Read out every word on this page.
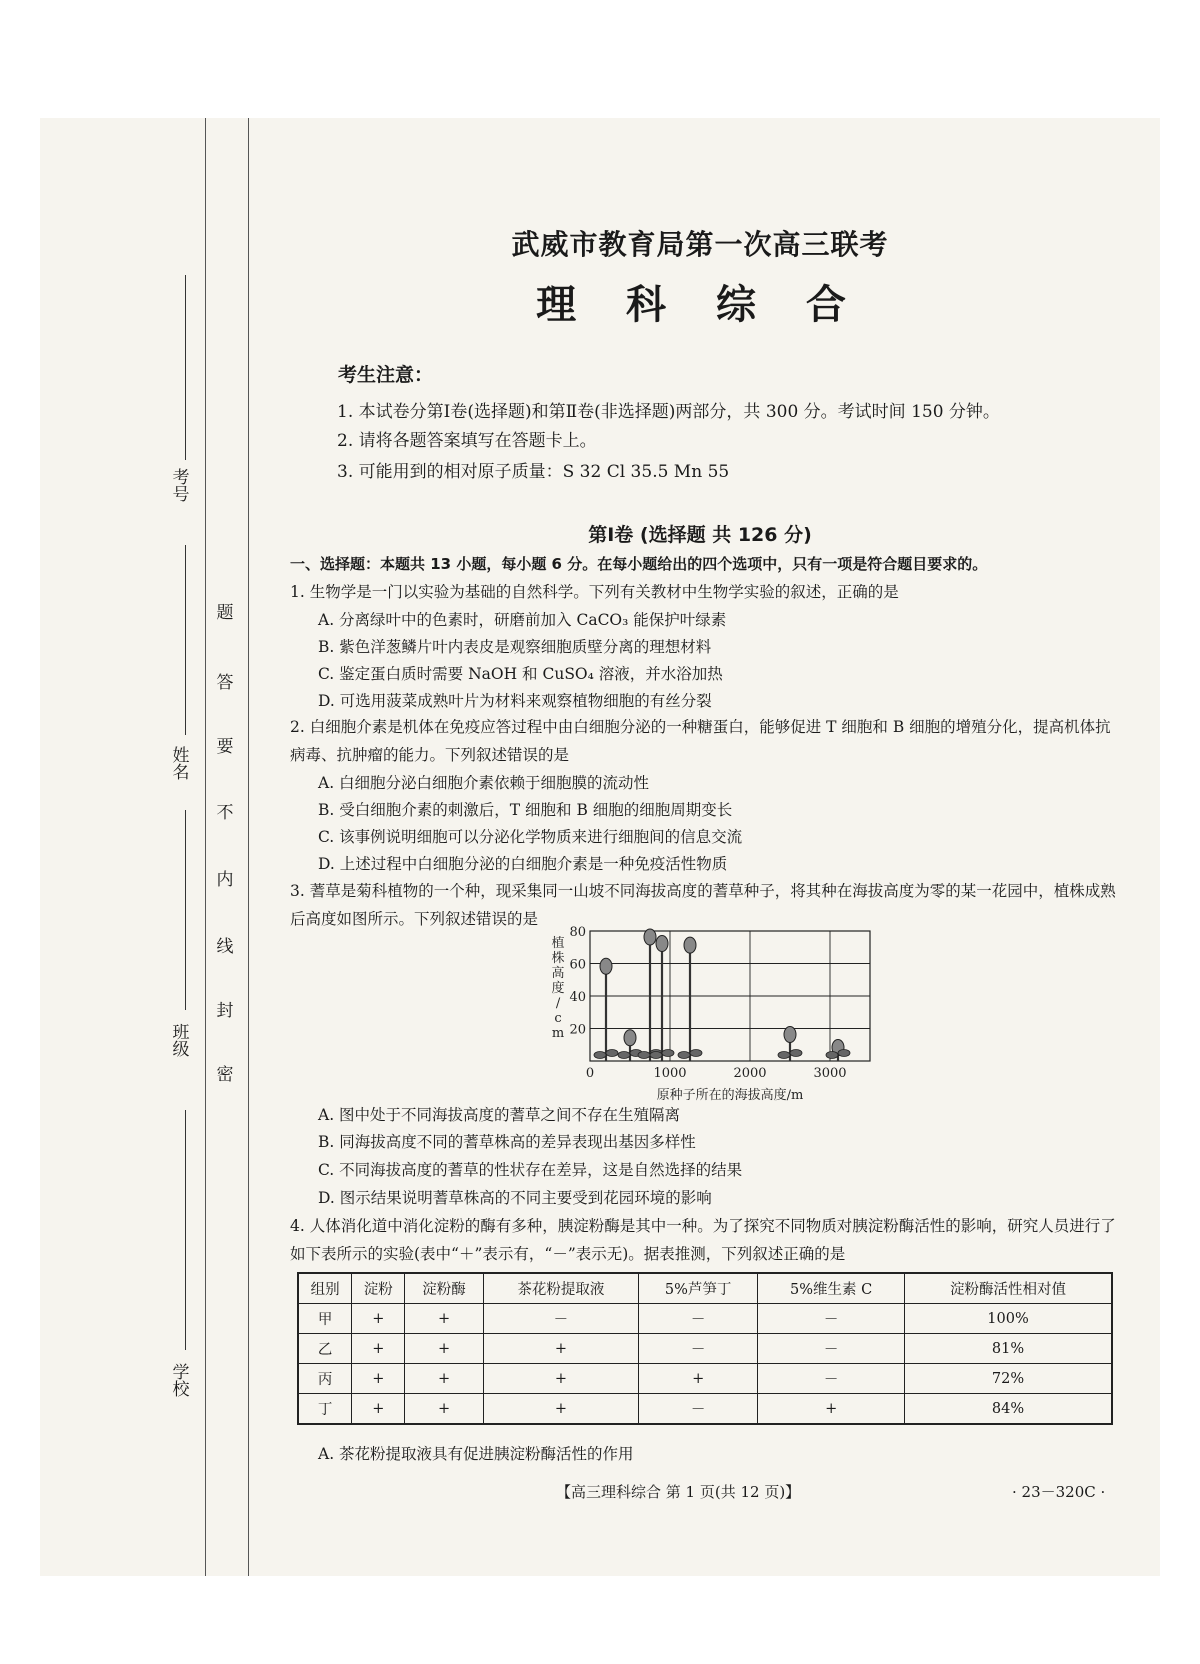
考号
姓名
班级
学校
题
答
要
不
内
线
封
密
武威市教育局第一次高三联考
理 科 综 合
考生注意：
1. 本试卷分第Ⅰ卷(选择题)和第Ⅱ卷(非选择题)两部分，共 300 分。考试时间 150 分钟。
2. 请将各题答案填写在答题卡上。
3. 可能用到的相对原子质量：S 32 Cl 35.5 Mn 55
第Ⅰ卷 (选择题 共 126 分)
一、选择题：本题共 13 小题，每小题 6 分。在每小题给出的四个选项中，只有一项是符合题目要求的。
1. 生物学是一门以实验为基础的自然科学。下列有关教材中生物学实验的叙述，正确的是
A. 分离绿叶中的色素时，研磨前加入 CaCO₃ 能保护叶绿素
B. 紫色洋葱鳞片叶内表皮是观察细胞质壁分离的理想材料
C. 鉴定蛋白质时需要 NaOH 和 CuSO₄ 溶液，并水浴加热
D. 可选用菠菜成熟叶片为材料来观察植物细胞的有丝分裂
2. 白细胞介素是机体在免疫应答过程中由白细胞分泌的一种糖蛋白，能够促进 T 细胞和 B 细胞的增殖分化，提高机体抗病毒、抗肿瘤的能力。下列叙述错误的是
A. 白细胞分泌白细胞介素依赖于细胞膜的流动性
B. 受白细胞介素的刺激后，T 细胞和 B 细胞的细胞周期变长
C. 该事例说明细胞可以分泌化学物质来进行细胞间的信息交流
D. 上述过程中白细胞分泌的白细胞介素是一种免疫活性物质
3. 蓍草是菊科植物的一个种，现采集同一山坡不同海拔高度的蓍草种子，将其种在海拔高度为零的某一花园中，植株成熟后高度如图所示。下列叙述错误的是
20
40
60
80
0	1000	2000	3000
植株高度/ c m
原种子所在的海拔高度/m
A. 图中处于不同海拔高度的蓍草之间不存在生殖隔离
B. 同海拔高度不同的蓍草株高的差异表现出基因多样性
C. 不同海拔高度的蓍草的性状存在差异，这是自然选择的结果
D. 图示结果说明蓍草株高的不同主要受到花园环境的影响
4. 人体消化道中消化淀粉的酶有多种，胰淀粉酶是其中一种。为了探究不同物质对胰淀粉酶活性的影响，研究人员进行了如下表所示的实验(表中“＋”表示有，“－”表示无)。据表推测，下列叙述正确的是
组别	淀粉	淀粉酶	茶花粉提取液	5%芦笋丁	5%维生素 C	淀粉酶活性相对值
甲	+	+	－	－	－	100%
乙	+	+	+	－	－	81%
丙	+	+	+	+	－	72%
丁	+	+	+	－	+	84%
A. 茶花粉提取液具有促进胰淀粉酶活性的作用
【高三理科综合 第 1 页(共 12 页)】	· 23－320C ·
